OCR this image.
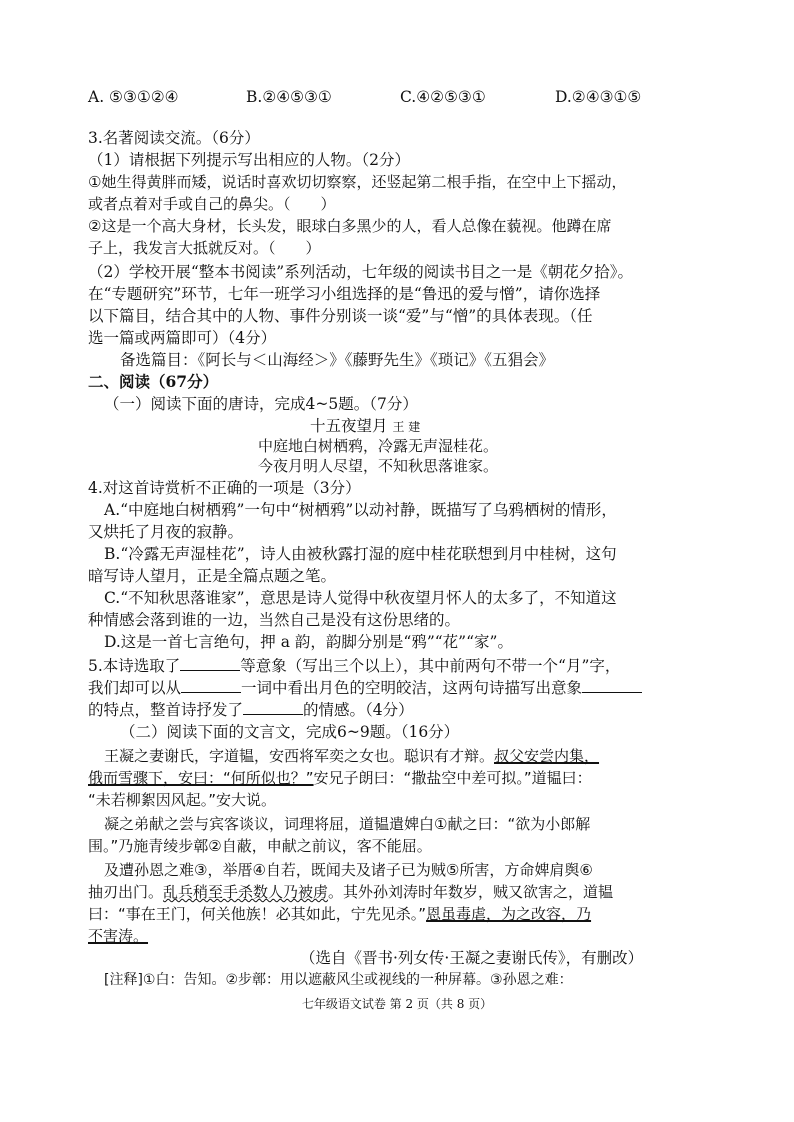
A. ⑤③①②④	B.②④⑤③①	C.④②⑤③①	D.②④③①⑤
3.名著阅读交流。（6分）
（1）请根据下列提示写出相应的人物。（2分）
①她生得黄胖而矮，说话时喜欢切切察察，还竖起第二根手指，在空中上下摇动，
或者点着对手或自己的鼻尖。（ ）
②这是一个高大身材，长头发，眼球白多黑少的人，看人总像在藐视。他蹲在席
子上，我发言大抵就反对。（ ）
（2）学校开展“整本书阅读”系列活动，七年级的阅读书目之一是《朝花夕拾》。
在“专题研究”环节，七年一班学习小组选择的是“鲁迅的爱与憎”，请你选择
以下篇目，结合其中的人物、事件分别谈一谈“爱”与“憎”的具体表现。（任
选一篇或两篇即可）（4分）
备选篇目：《阿长与＜山海经＞》《藤野先生》《琐记》《五猖会》
二、阅读（67分）
（一）阅读下面的唐诗，完成4~5题。（7分）
十五夜望月 王 建
中庭地白树栖鸦，冷露无声湿桂花。
今夜月明人尽望，不知秋思落谁家。
4.对这首诗赏析不正确的一项是（3分）
A.“中庭地白树栖鸦”一句中“树栖鸦”以动衬静，既描写了乌鸦栖树的情形，
又烘托了月夜的寂静。
B.“冷露无声湿桂花”，诗人由被秋露打湿的庭中桂花联想到月中桂树，这句
暗写诗人望月，正是全篇点题之笔。
C.“不知秋思落谁家”，意思是诗人觉得中秋夜望月怀人的太多了，不知道这
种情感会落到谁的一边，当然自己是没有这份思绪的。
D.这是一首七言绝句，押 a 韵，韵脚分别是“鸦”“花”“家”。
5.本诗选取了	等意象（写出三个以上），其中前两句不带一个“月”字，
我们却可以从	一词中看出月色的空明皎洁，这两句诗描写出意象
的特点，整首诗抒发了	的情感。（4分）
（二）阅读下面的文言文，完成6~9题。（16分）
王凝之妻谢氏，字道韫，安西将军奕之女也。聪识有才辩。叔父安尝内集，
俄而雪骤下，安曰：“何所似也？”安兄子朗曰：“撒盐空中差可拟。”道韫曰：
“未若柳絮因风起。”安大说。
凝之弟献之尝与宾客谈议，词理将屈，道韫遣婢白①献之曰：“欲为小郎解
围。”乃施青绫步鄣②自蔽，申献之前议，客不能屈。
及遭孙恩之难③，举厝④自若，既闻夫及诸子已为贼⑤所害，方命婢肩舆⑥
抽刃出门。乱兵稍至手杀数人乃被虏。其外孙刘涛时年数岁，贼又欲害之，道韫
曰：“事在王门，何关他族！必其如此，宁先见杀。”恩虽毒虐，为之改容，乃
不害涛。
（选自《晋书·列女传·王凝之妻谢氏传》，有删改）
[注释]①白：告知。②步鄣：用以遮蔽风尘或视线的一种屏幕。③孙恩之难：
七年级语文试卷 第 2 页（共 8 页）
